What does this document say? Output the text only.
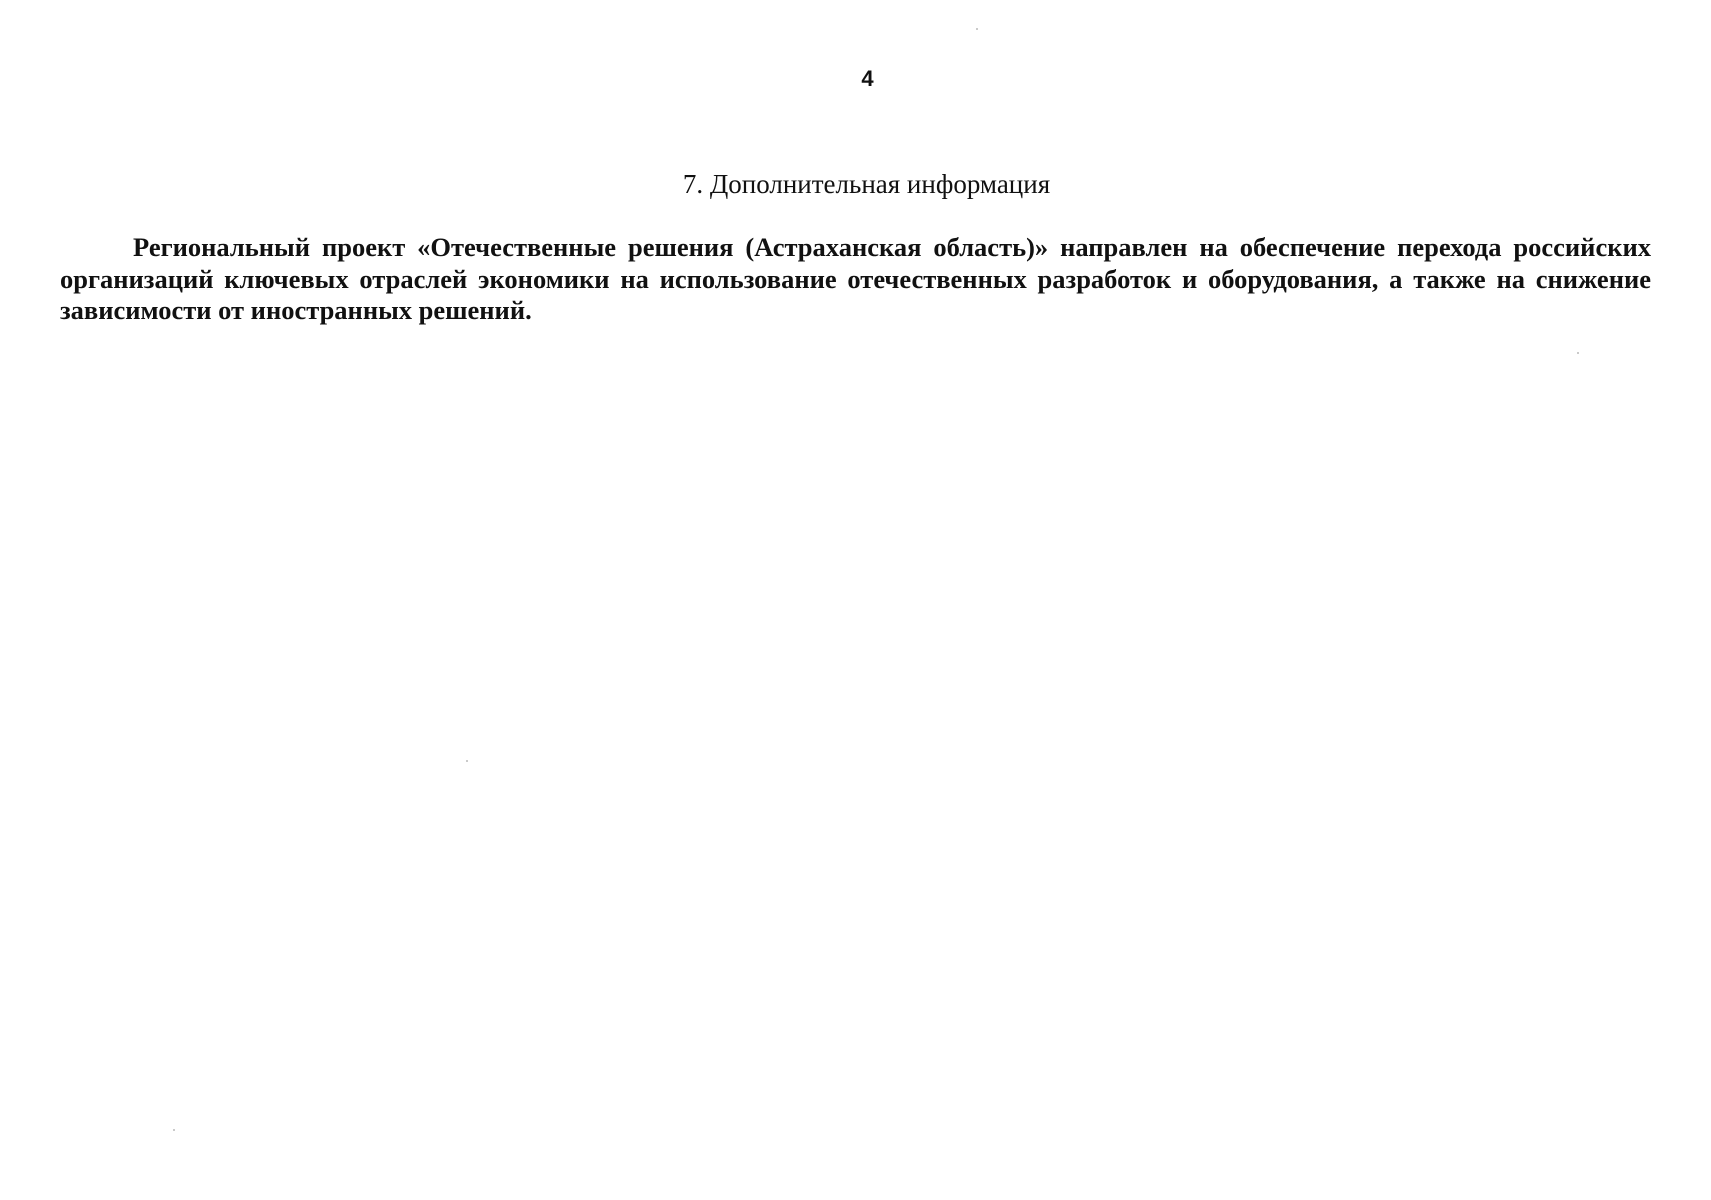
4
7. Дополнительная информация

Региональный проект «Отечественные решения (Астраханская область)» направлен на обеспечение перехода российских организаций ключевых отраслей экономики на использование отечественных разработок и оборудования, а также на снижение зависимости от иностранных решений.
